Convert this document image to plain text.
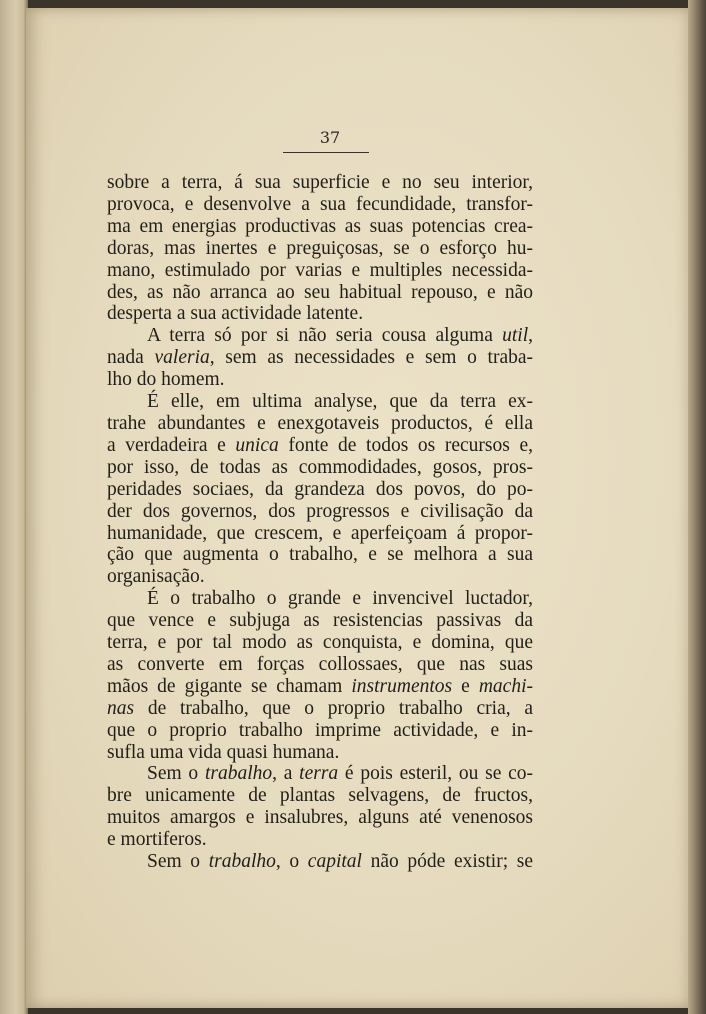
37
sobre a terra, á sua superficie e no seu interior,
provoca, e desenvolve a sua fecundidade, transfor-
ma em energias productivas as suas potencias crea-
doras, mas inertes e preguiçosas, se o esforço hu-
mano, estimulado por varias e multiples necessida-
des, as não arranca ao seu habitual repouso, e não
desperta a sua actividade latente.
A terra só por si não seria cousa alguma util,
nada valeria, sem as necessidades e sem o traba-
lho do homem.
É elle, em ultima analyse, que da terra ex-
trahe abundantes e enexgotaveis productos, é ella
a verdadeira e unica fonte de todos os recursos e,
por isso, de todas as commodidades, gosos, pros-
peridades sociaes, da grandeza dos povos, do po-
der dos governos, dos progressos e civilisação da
humanidade, que crescem, e aperfeiçoam á propor-
ção que augmenta o trabalho, e se melhora a sua
organisação.
É o trabalho o grande e invencivel luctador,
que vence e subjuga as resistencias passivas da
terra, e por tal modo as conquista, e domina, que
as converte em forças collossaes, que nas suas
mãos de gigante se chamam instrumentos e machi-
nas de trabalho, que o proprio trabalho cria, a
que o proprio trabalho imprime actividade, e in-
sufla uma vida quasi humana.
Sem o trabalho, a terra é pois esteril, ou se co-
bre unicamente de plantas selvagens, de fructos,
muitos amargos e insalubres, alguns até venenosos
e mortiferos.
Sem o trabalho, o capital não póde existir; se
